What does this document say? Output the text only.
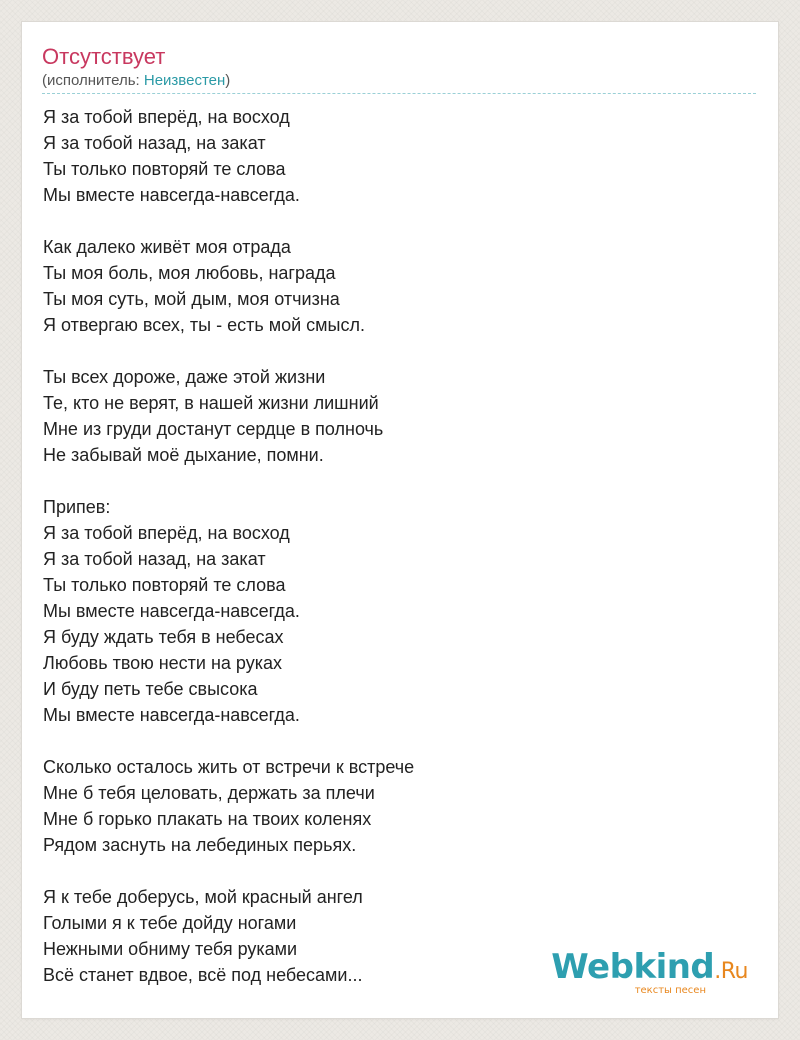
Отсутствует
(исполнитель: Неизвестен)
Я за тобой вперёд, на восход
Я за тобой назад, на закат
Ты только повторяй те слова
Мы вместе навсегда-навсегда.
Как далеко живёт моя отрада
Ты моя боль, моя любовь, награда
Ты моя суть, мой дым, моя отчизна
Я отвергаю всех, ты - есть мой смысл.
Ты всех дороже, даже этой жизни
Те, кто не верят, в нашей жизни лишний
Мне из груди достанут сердце в полночь
Не забывай моё дыхание, помни.
Припев:
Я за тобой вперёд, на восход
Я за тобой назад, на закат
Ты только повторяй те слова
Мы вместе навсегда-навсегда.
Я буду ждать тебя в небесах
Любовь твою нести на руках
И буду петь тебе свысока
Мы вместе навсегда-навсегда.
Сколько осталось жить от встречи к встрече
Мне б тебя целовать, держать за плечи
Мне б горько плакать на твоих коленях
Рядом заснуть на лебединых перьях.
Я к тебе доберусь, мой красный ангел
Голыми я к тебе дойду ногами
Нежными обниму тебя руками
Всё станет вдвое, всё под небесами...	Webkind.Ru
тексты песен
